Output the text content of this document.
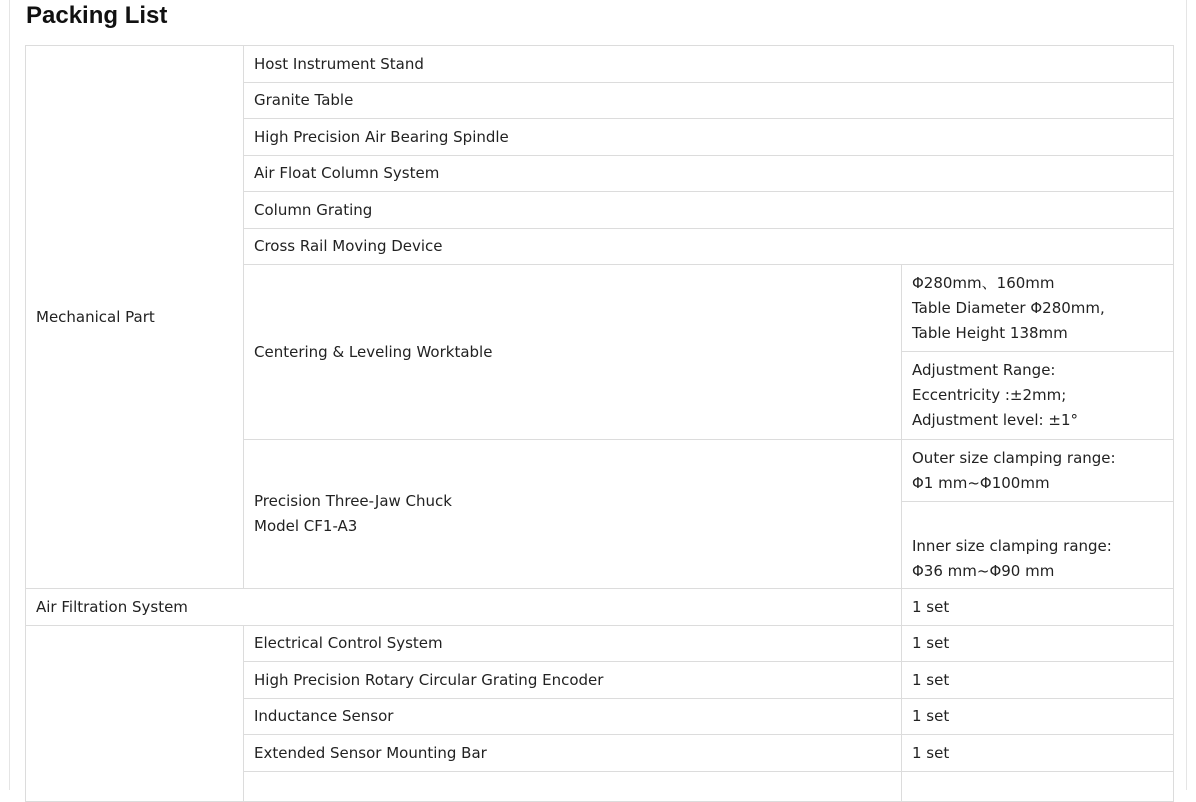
Packing List
Mechanical Part	Host Instrument Stand	
	Granite Table	
	High Precision Air Bearing Spindle	
	Air Float Column System	
	Column Grating	
	Cross Rail Moving Device	
	Centering & Leveling Worktable	Φ280mm、160mm
Table Diameter Φ280mm,
Table Height 138mm

		Adjustment Range:
Eccentricity :±2mm;
Adjustment level: ±1°

	Precision Three-Jaw Chuck
Model CF1-A3	Outer size clamping range:
Φ1 mm~Φ100mm

		Inner size clamping range:
Φ36 mm~Φ90 mm

Air Filtration System		1 set
	Electrical Control System	1 set
	High Precision Rotary Circular Grating Encoder	1 set
	Inductance Sensor	1 set
	Extended Sensor Mounting Bar	1 set
